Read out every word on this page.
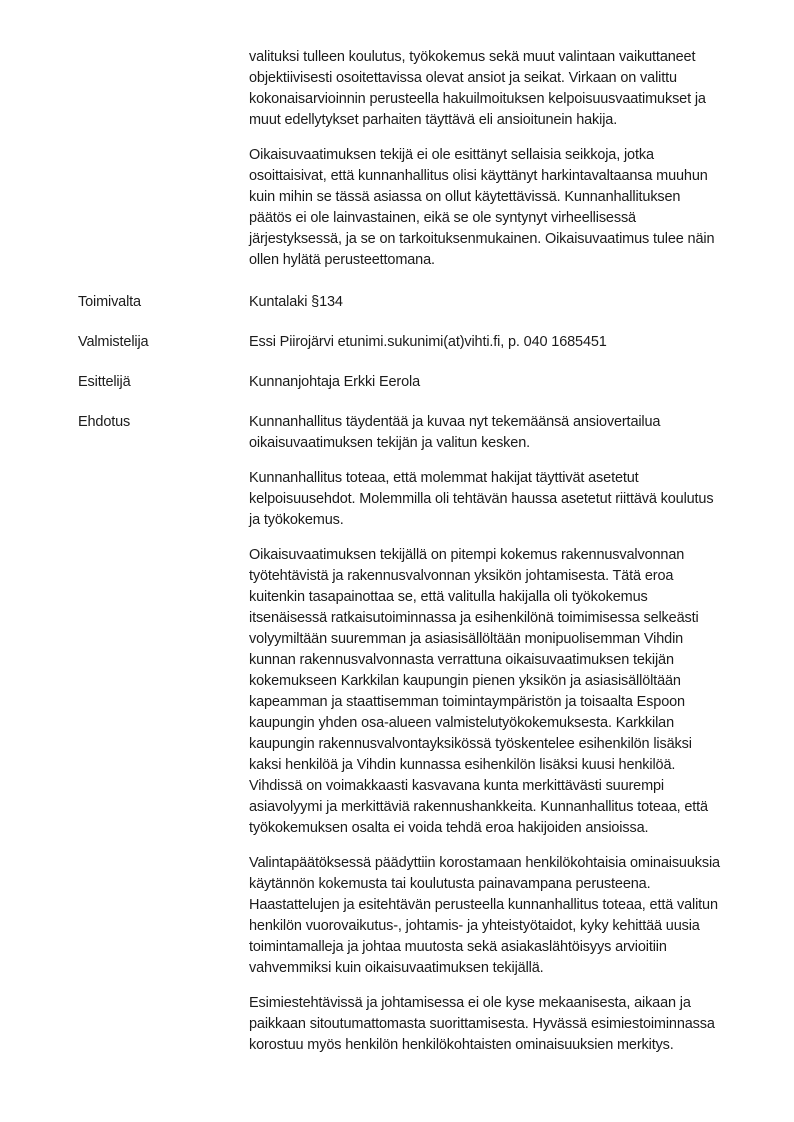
valituksi tulleen koulutus, työkokemus sekä muut valintaan vaikuttaneet objektiivisesti osoitettavissa olevat ansiot ja seikat. Virkaan on valittu kokonaisarvioinnin perusteella hakuilmoituksen kelpoisuusvaatimukset ja muut edellytykset parhaiten täyttävä eli ansioitunein hakija.

Oikaisuvaatimuksen tekijä ei ole esittänyt sellaisia seikkoja, jotka osoittaisivat, että kunnanhallitus olisi käyttänyt harkintavaltaansa muuhun kuin mihin se tässä asiassa on ollut käytettävissä. Kunnanhallituksen päätös ei ole lainvastainen, eikä se ole syntynyt virheellisessä järjestyksessä, ja se on tarkoituksenmukainen. Oikaisuvaatimus tulee näin ollen hylätä perusteettomana.

Toimivalta	Kuntalaki §134
Valmistelija	Essi Piirojärvi etunimi.sukunimi(at)vihti.fi, p. 040 1685451
Esittelijä	Kunnanjohtaja Erkki Eerola
Ehdotus	Kunnanhallitus täydentää ja kuvaa nyt tekemäänsä ansiovertailua oikaisuvaatimuksen tekijän ja valitun kesken.

Kunnanhallitus toteaa, että molemmat hakijat täyttivät asetetut kelpoisuusehdot. Molemmilla oli tehtävän haussa asetetut riittävä koulutus ja työkokemus.

Oikaisuvaatimuksen tekijällä on pitempi kokemus rakennusvalvonnan työtehtävistä ja rakennusvalvonnan yksikön johtamisesta. Tätä eroa kuitenkin tasapainottaa se, että valitulla hakijalla oli työkokemus itsenäisessä ratkaisutoiminnassa ja esihenkilönä toimimisessa selkeästi volyymiltään suuremman ja asiasisällöltään monipuolisemman Vihdin kunnan rakennusvalvonnasta verrattuna oikaisuvaatimuksen tekijän kokemukseen Karkkilan kaupungin pienen yksikön ja asiasisällöltään kapeamman ja staattisemman toimintaympäristön ja toisaalta Espoon kaupungin yhden osa-alueen valmistelutyökokemuksesta. Karkkilan kaupungin rakennusvalvontayksikössä työskentelee esihenkilön lisäksi kaksi henkilöä ja Vihdin kunnassa esihenkilön lisäksi kuusi henkilöä. Vihdissä on voimakkaasti kasvavana kunta merkittävästi suurempi asiavolyymi ja merkittäviä rakennushankkeita. Kunnanhallitus toteaa, että työkokemuksen osalta ei voida tehdä eroa hakijoiden ansioissa.

Valintapäätöksessä päädyttiin korostamaan henkilökohtaisia ominaisuuksia käytännön kokemusta tai koulutusta painavampana perusteena. Haastattelujen ja esitehtävän perusteella kunnanhallitus toteaa, että valitun henkilön vuorovaikutus-, johtamis- ja yhteistyötaidot, kyky kehittää uusia toimintamalleja ja johtaa muutosta sekä asiakaslähtöisyys arvioitiin vahvemmiksi kuin oikaisuvaatimuksen tekijällä.

Esimiestehtävissä ja johtamisessa ei ole kyse mekaanisesta, aikaan ja paikkaan sitoutumattomasta suorittamisesta. Hyvässä esimiestoiminnassa korostuu myös henkilön henkilökohtaisten ominaisuuksien merkitys.
